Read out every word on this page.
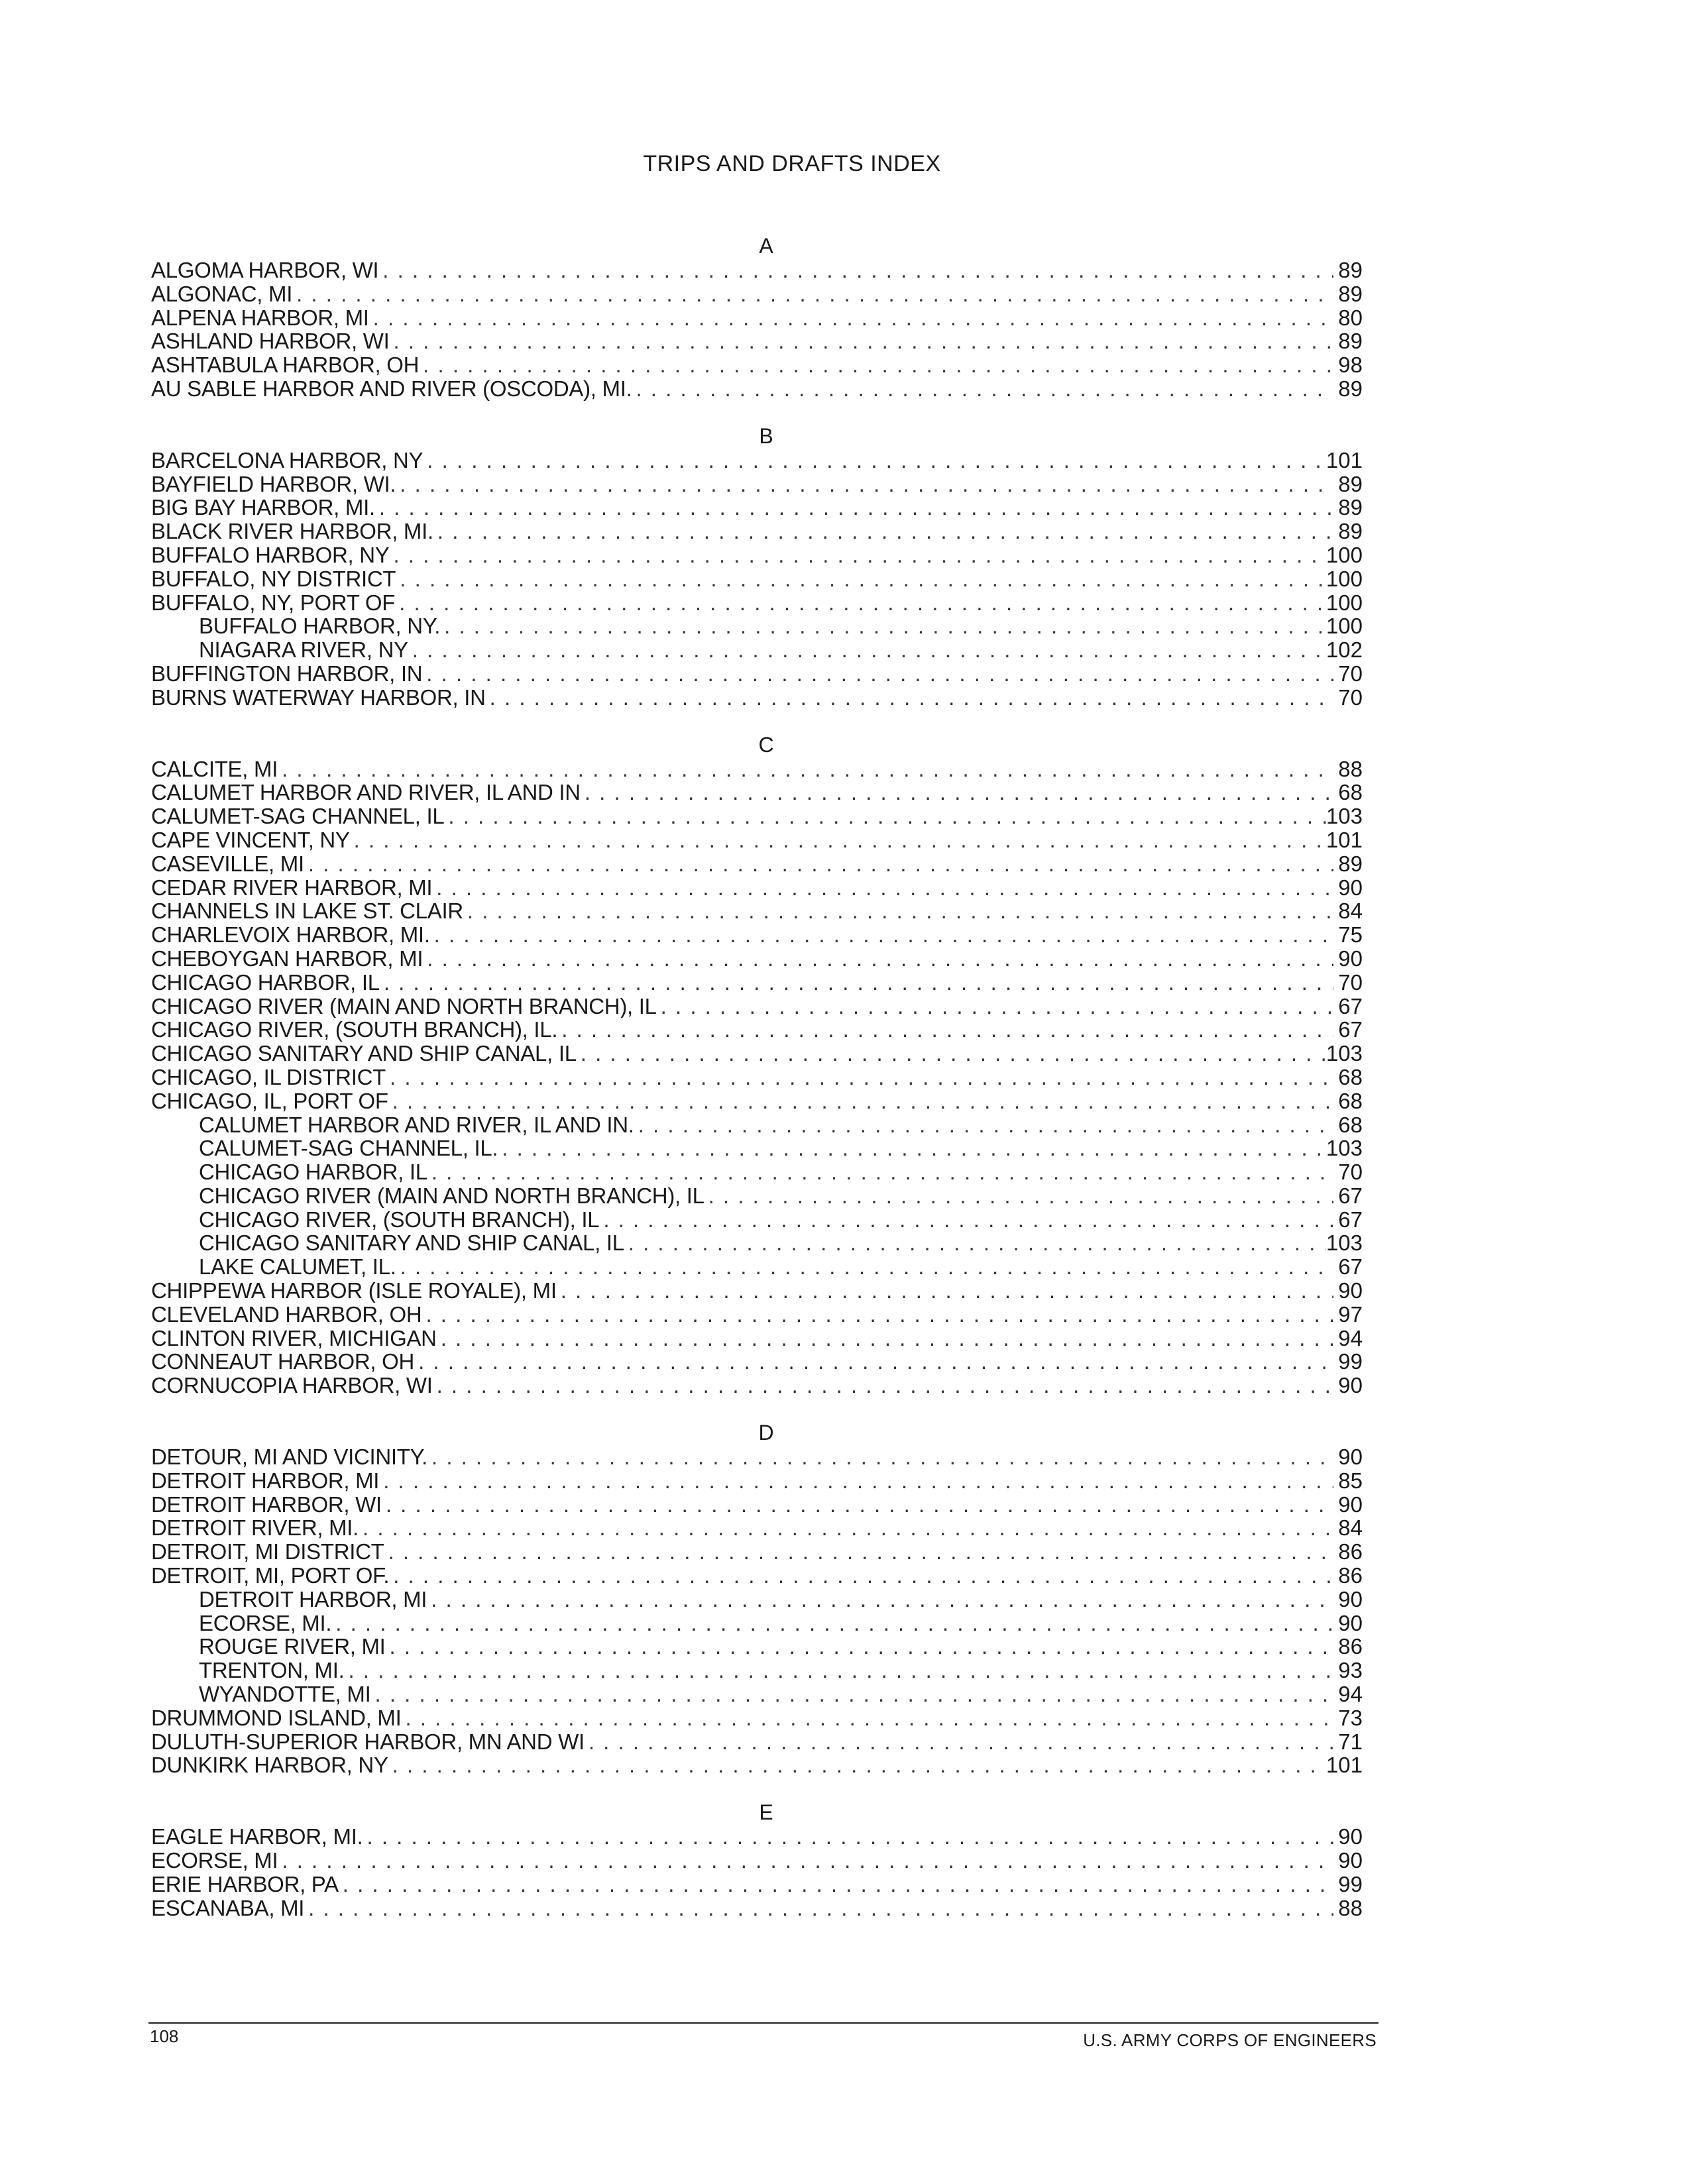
TRIPS AND DRAFTS INDEX
A
ALGOMA HARBOR, WI . . .	89
ALGONAC, MI . . .	89
ALPENA HARBOR, MI . . .	80
ASHLAND HARBOR, WI . . .	89
ASHTABULA HARBOR, OH . . .	98
AU SABLE HARBOR AND RIVER (OSCODA), MI. . . .	89
B
BARCELONA HARBOR, NY . . .	101
BAYFIELD HARBOR, WI. . . .	89
BIG BAY HARBOR, MI. . . .	89
BLACK RIVER HARBOR, MI. . . .	89
BUFFALO HARBOR, NY . . .	100
BUFFALO, NY DISTRICT . . .	100
BUFFALO, NY, PORT OF . . .	100
BUFFALO HARBOR, NY. . . .	100
NIAGARA RIVER, NY . . .	102
BUFFINGTON HARBOR, IN . . .	70
BURNS WATERWAY HARBOR, IN . . .	70
C
CALCITE, MI . . .	88
CALUMET HARBOR AND RIVER, IL AND IN . . .	68
CALUMET-SAG CHANNEL, IL . . .	103
CAPE VINCENT, NY . . .	101
CASEVILLE, MI . . .	89
CEDAR RIVER HARBOR, MI . . .	90
CHANNELS IN LAKE ST. CLAIR . . .	84
CHARLEVOIX HARBOR, MI. . . .	75
CHEBOYGAN HARBOR, MI . . .	90
CHICAGO HARBOR, IL . . .	70
CHICAGO RIVER (MAIN AND NORTH BRANCH), IL . . .	67
CHICAGO RIVER, (SOUTH BRANCH), IL. . . .	67
CHICAGO SANITARY AND SHIP CANAL, IL . . .	103
CHICAGO, IL DISTRICT . . .	68
CHICAGO, IL, PORT OF . . .	68
CALUMET HARBOR AND RIVER, IL AND IN. . . .	68
CALUMET-SAG CHANNEL, IL. . . .	103
CHICAGO HARBOR, IL . . .	70
CHICAGO RIVER (MAIN AND NORTH BRANCH), IL . . .	67
CHICAGO RIVER, (SOUTH BRANCH), IL . . .	67
CHICAGO SANITARY AND SHIP CANAL, IL . . .	103
LAKE CALUMET, IL. . . .	67
CHIPPEWA HARBOR (ISLE ROYALE), MI . . .	90
CLEVELAND HARBOR, OH . . .	97
CLINTON RIVER, MICHIGAN . . .	94
CONNEAUT HARBOR, OH . . .	99
CORNUCOPIA HARBOR, WI . . .	90
D
DETOUR, MI AND VICINITY. . . .	90
DETROIT HARBOR, MI . . .	85
DETROIT HARBOR, WI . . .	90
DETROIT RIVER, MI. . . .	84
DETROIT, MI DISTRICT . . .	86
DETROIT, MI, PORT OF. . . .	86
DETROIT HARBOR, MI . . .	90
ECORSE, MI. . . .	90
ROUGE RIVER, MI . . .	86
TRENTON, MI. . . .	93
WYANDOTTE, MI . . .	94
DRUMMOND ISLAND, MI . . .	73
DULUTH-SUPERIOR HARBOR, MN AND WI . . .	71
DUNKIRK HARBOR, NY . . .	101
E
EAGLE HARBOR, MI. . . .	90
ECORSE, MI . . .	90
ERIE HARBOR, PA . . .	99
ESCANABA, MI . . .	88
108	U.S. ARMY CORPS OF ENGINEERS
